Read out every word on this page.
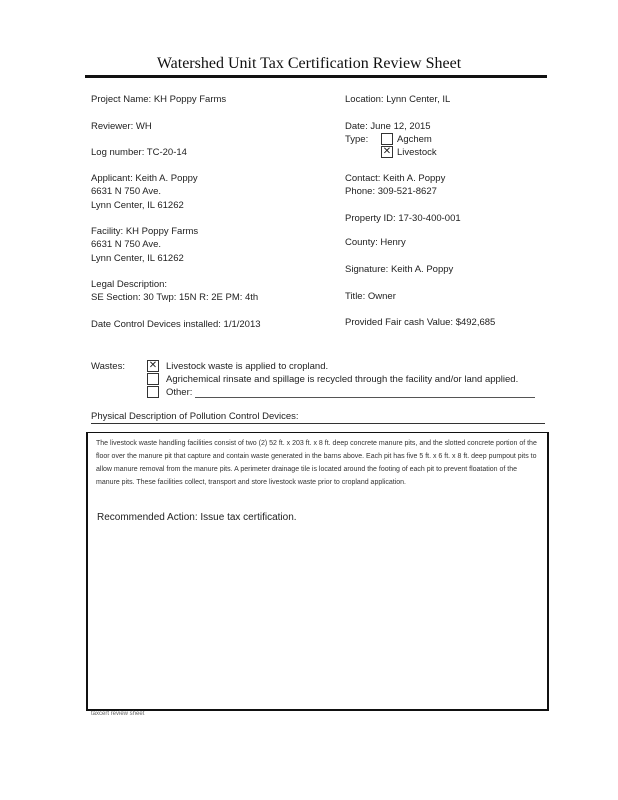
Watershed Unit Tax Certification Review Sheet
Project Name: KH Poppy Farms
Reviewer: WH
Log number: TC-20-14
Applicant: Keith A. Poppy
6631 N 750 Ave.
Lynn Center, IL 61262
Facility: KH Poppy Farms
6631 N 750 Ave.
Lynn Center, IL 61262
Legal Description:
SE Section: 30 Twp: 15N R: 2E PM: 4th
Date Control Devices installed: 1/1/2013
Location: Lynn Center, IL
Date: June 12, 2015
Type:	Agchem
✕ Livestock
Contact: Keith A. Poppy
Phone: 309-521-8627
Property ID: 17-30-400-001
County: Henry
Signature: Keith A. Poppy
Title: Owner
Provided Fair cash Value: $492,685
Wastes: ✕ Livestock waste is applied to cropland.
Agrichemical rinsate and spillage is recycled through the facility and/or land applied.
Other:
Physical Description of Pollution Control Devices:
The livestock waste handling facilities consist of two (2) 52 ft. x 203 ft. x 8 ft. deep concrete manure pits, and the slotted concrete portion of the floor over the manure pit that capture and contain waste generated in the barns above. Each pit has five 5 ft. x 6 ft. x 8 ft. deep pumpout pits to allow manure removal from the manure pits. A perimeter drainage tile is located around the footing of each pit to prevent floatation of the manure pits. These facilities collect, transport and store livestock waste prior to cropland application.
Recommended Action: Issue tax certification.
taxcert review sheet
